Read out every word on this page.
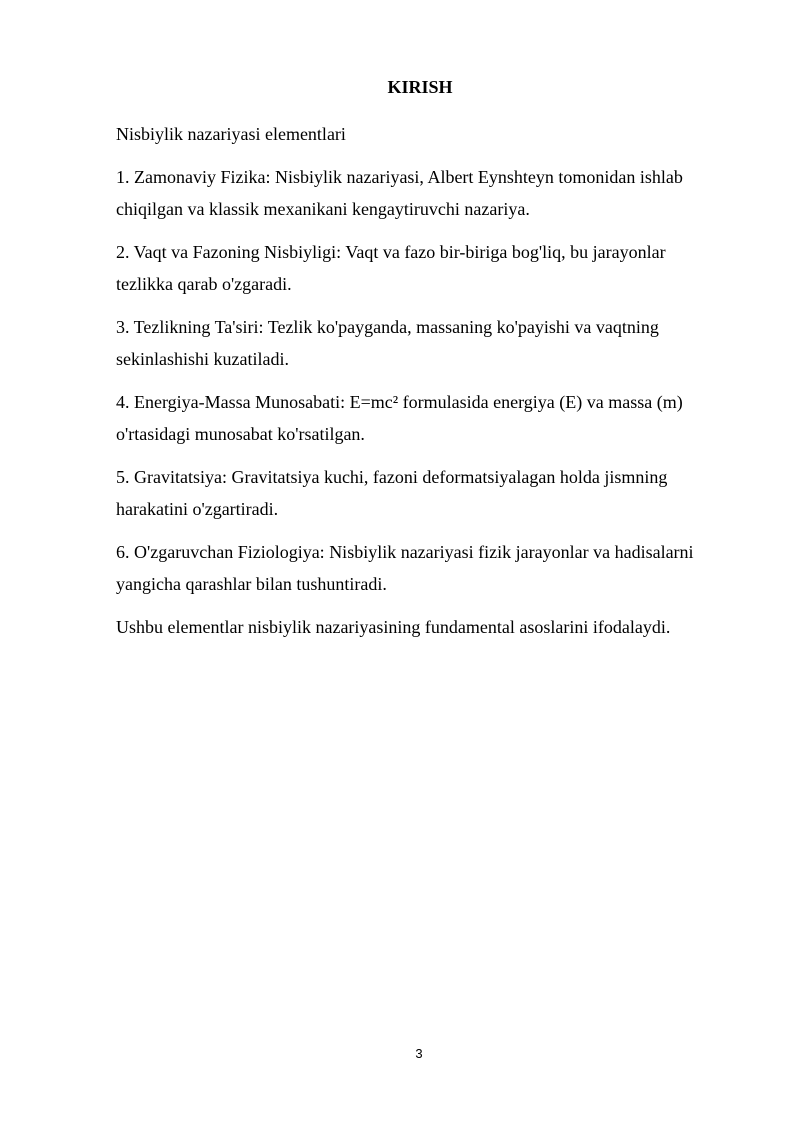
KIRISH

Nisbiylik nazariyasi elementlari

1. Zamonaviy Fizika: Nisbiylik nazariyasi, Albert Eynshteyn tomonidan ishlab
chiqilgan va klassik mexanikani kengaytiruvchi nazariya.

2. Vaqt va Fazoning Nisbiyligi: Vaqt va fazo bir-biriga bog'liq, bu jarayonlar
tezlikka qarab o'zgaradi.

3. Tezlikning Ta'siri: Tezlik ko'payganda, massaning ko'payishi va vaqtning
sekinlashishi kuzatiladi.

4. Energiya-Massa Munosabati: E=mc² formulasida energiya (E) va massa (m)
o'rtasidagi munosabat ko'rsatilgan.

5. Gravitatsiya: Gravitatsiya kuchi, fazoni deformatsiyalagan holda jismning
harakatini o'zgartiradi.

6. O'zgaruvchan Fiziologiya: Nisbiylik nazariyasi fizik jarayonlar va hadisalarni
yangicha qarashlar bilan tushuntiradi.

Ushbu elementlar nisbiylik nazariyasining fundamental asoslarini ifodalaydi.

3
